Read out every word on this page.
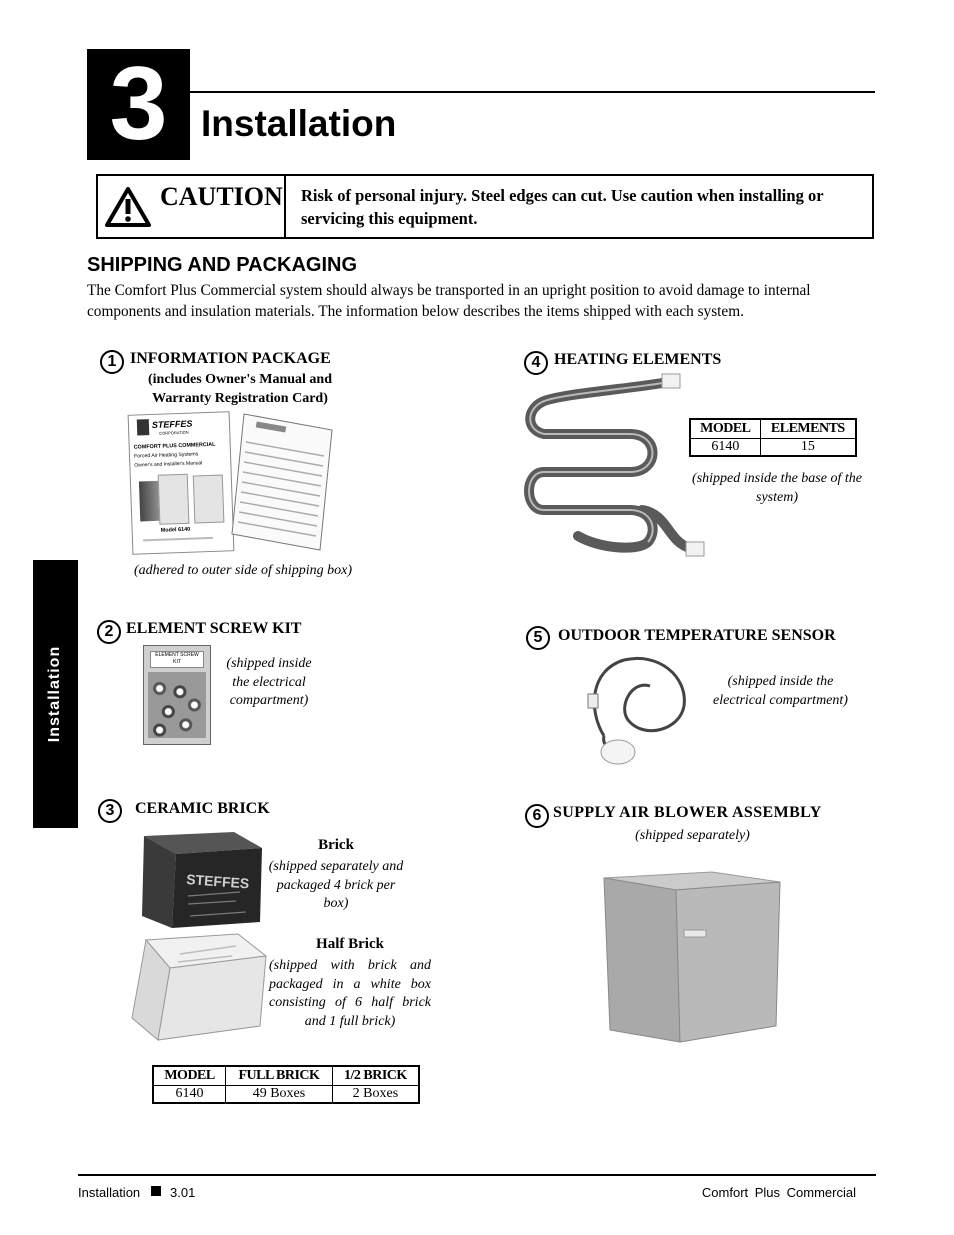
3 Installation
CAUTION Risk of personal injury. Steel edges can cut. Use caution when installing or servicing this equipment.
SHIPPING AND PACKAGING
The Comfort Plus Commercial system should always be transported in an upright position to avoid damage to internal components and insulation materials. The information below describes the items shipped with each system.
Installation
1 INFORMATION PACKAGE
(includes Owner's Manual and Warranty Registration Card)
STEFFES
CORPORATION
COMFORT PLUS COMMERCIAL
Forced Air Heating Systems
Owner's and Installer's Manual
Model 6140
(adhered to outer side of shipping box)
2 ELEMENT SCREW KIT
ELEMENT SCREW KIT	(shipped inside the electrical compartment)
3	CERAMIC BRICK
STEFFES
Brick
(shipped separately and packaged 4 brick per box)
Half Brick
(shipped with brick and packaged in a white box consisting of 6 half brick and 1 full brick)
MODEL	FULL BRICK	1/2 BRICK
6140	49 Boxes	2 Boxes
4 HEATING ELEMENTS
MODEL	ELEMENTS
6140	15
(shipped inside the base of the system)
5 OUTDOOR TEMPERATURE SENSOR
(shipped inside the electrical compartment)
6 SUPPLY AIR BLOWER ASSEMBLY
(shipped separately)
Installation 3.01	Comfort Plus Commercial
